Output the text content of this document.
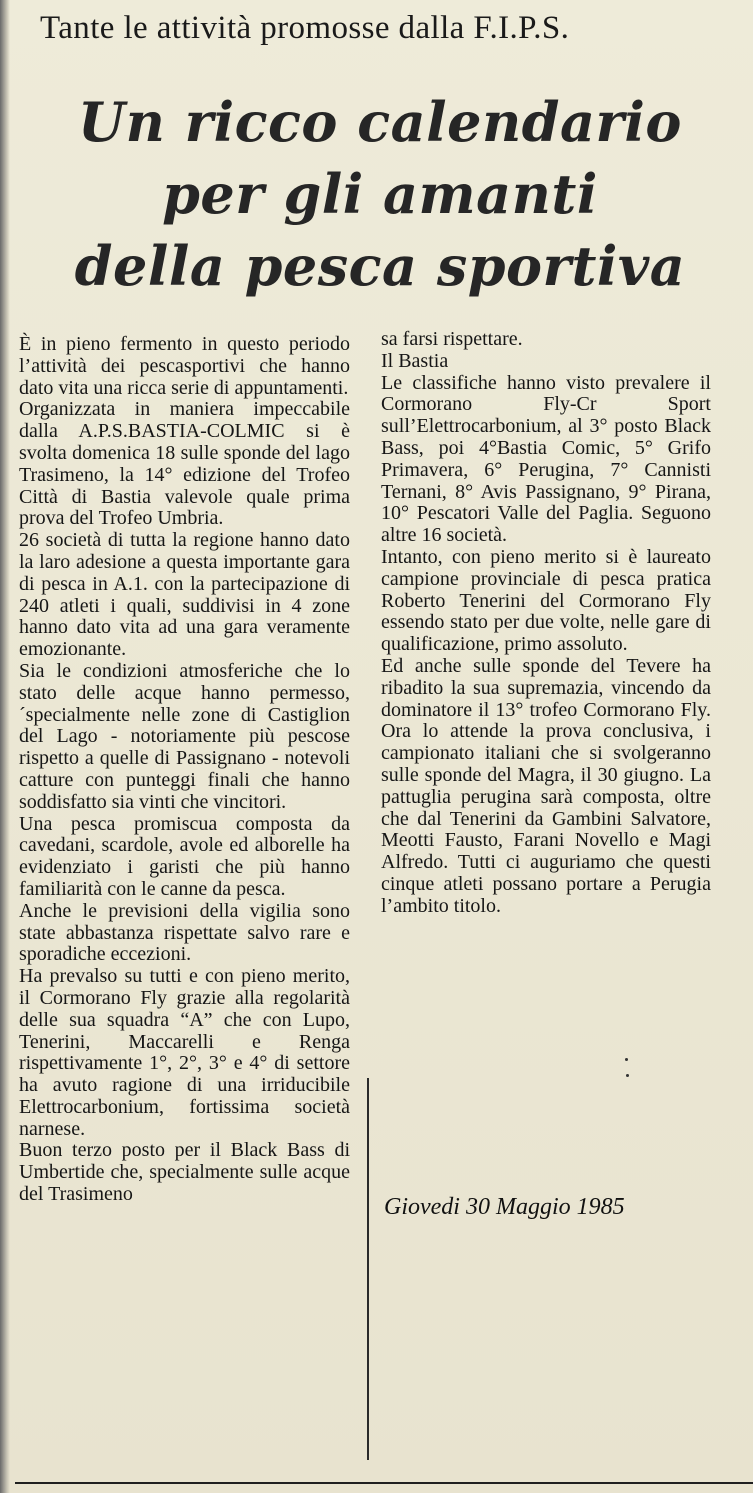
Tante le attività promosse dalla F.I.P.S.
Un ricco calendario
per gli amanti
della pesca sportiva

È in pieno fermento in questo periodo l’attività dei pescasportivi che hanno dato vita una ricca serie di appuntamenti.

Organizzata in maniera impeccabile dalla A.P.S.BASTIA-COLMIC si è svolta domenica 18 sulle sponde del lago Trasimeno, la 14° edizione del Trofeo Città di Bastia valevole quale prima prova del Trofeo Umbria.

26 società di tutta la regione hanno dato la laro adesione a questa importante gara di pesca in A.1. con la partecipazione di 240 atleti i quali, suddivisi in 4 zone hanno dato vita ad una gara veramente emozionante.

Sia le condizioni atmosferiche che lo stato delle acque hanno permesso, ´specialmente nelle zone di Castiglion del Lago - notoriamente più pescose rispetto a quelle di Passignano - notevoli catture con punteggi finali che hanno soddisfatto sia vinti che vincitori.

Una pesca promiscua composta da cavedani, scardole, avole ed alborelle ha evidenziato i garisti che più hanno familiarità con le canne da pesca.

Anche le previsioni della vigilia sono state abbastanza rispettate salvo rare e sporadiche eccezioni.

Ha prevalso su tutti e con pieno merito, il Cormorano Fly grazie alla regolarità delle sua squadra “A” che con Lupo, Tenerini, Maccarelli e Renga rispettivamente 1°, 2°, 3° e 4° di settore ha avuto ragione di una irriducibile Elettrocarbonium, fortissima società narnese.

Buon terzo posto per il Black Bass di Umbertide che, specialmente sulle acque del Trasimeno

sa farsi rispettare.

Il Bastia

Le classifiche hanno visto prevalere il Cormorano Fly-Cr Sport sull’Elettrocarbonium, al 3° posto Black Bass, poi 4°Bastia Comic, 5° Grifo Primavera, 6° Perugina, 7° Cannisti Ternani, 8° Avis Passignano, 9° Pirana, 10° Pescatori Valle del Paglia. Seguono altre 16 società.

Intanto, con pieno merito si è laureato campione provinciale di pesca pratica Roberto Tenerini del Cormorano Fly essendo stato per due volte, nelle gare di qualificazione, primo assoluto.

Ed anche sulle sponde del Tevere ha ribadito la sua supremazia, vincendo da dominatore il 13° trofeo Cormorano Fly. Ora lo attende la prova conclusiva, i campionato italiani che si svolgeranno sulle sponde del Magra, il 30 giugno. La pattuglia perugina sarà composta, oltre che dal Tenerini da Gambini Salvatore, Meotti Fausto, Farani Novello e Magi Alfredo. Tutti ci auguriamo che questi cinque atleti possano portare a Perugia l’ambito titolo.

Giovedi 30 Maggio 1985
